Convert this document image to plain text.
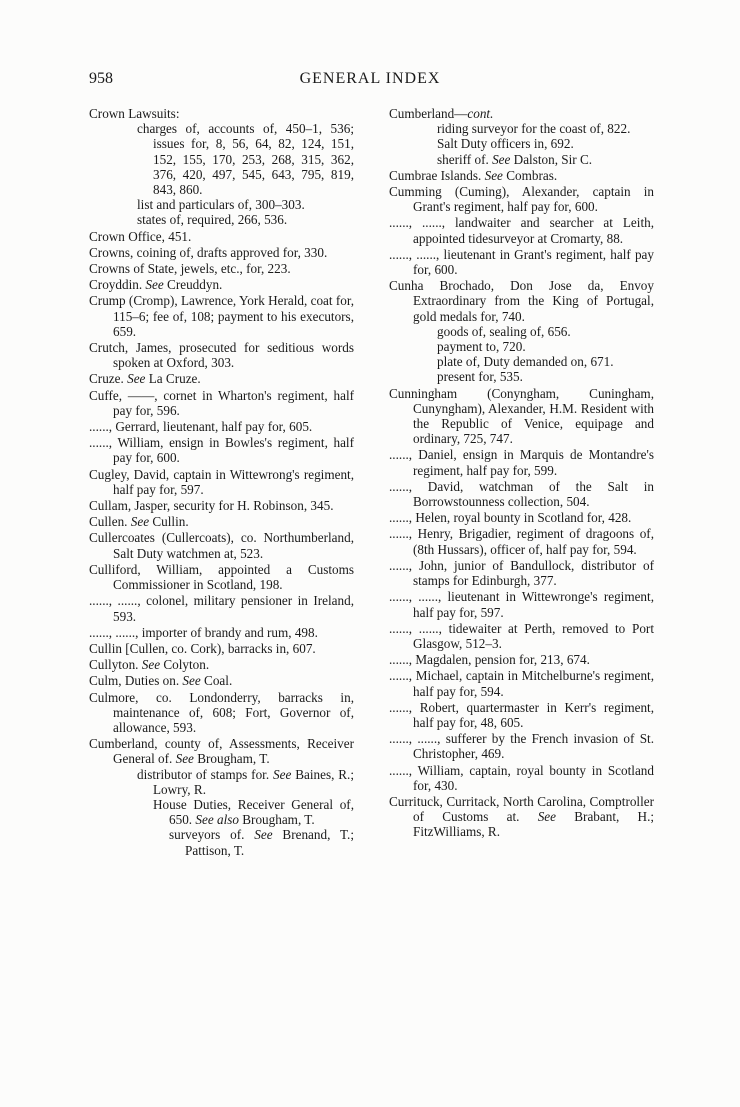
958	GENERAL INDEX

Crown Lawsuits:

charges of, accounts of, 450–1, 536; issues for, 8, 56, 64, 82, 124, 151, 152, 155, 170, 253, 268, 315, 362, 376, 420, 497, 545, 643, 795, 819, 843, 860.

list and particulars of, 300–303.

states of, required, 266, 536.

Crown Office, 451.

Crowns, coining of, drafts approved for, 330.

Crowns of State, jewels, etc., for, 223.

Croyddin. See Creuddyn.

Crump (Cromp), Lawrence, York Herald, coat for, 115–6; fee of, 108; payment to his executors, 659.

Crutch, James, prosecuted for seditious words spoken at Oxford, 303.

Cruze. See La Cruze.

Cuffe, ——, cornet in Wharton's regiment, half pay for, 596.

......, Gerrard, lieutenant, half pay for, 605.

......, William, ensign in Bowles's regiment, half pay for, 600.

Cugley, David, captain in Wittewrong's regiment, half pay for, 597.

Cullam, Jasper, security for H. Robinson, 345.

Cullen. See Cullin.

Cullercoates (Cullercoats), co. Northumberland, Salt Duty watchmen at, 523.

Culliford, William, appointed a Customs Commissioner in Scotland, 198.

......, ......, colonel, military pensioner in Ireland, 593.

......, ......, importer of brandy and rum, 498.

Cullin [Cullen, co. Cork), barracks in, 607.

Cullyton. See Colyton.

Culm, Duties on. See Coal.

Culmore, co. Londonderry, barracks in, maintenance of, 608; Fort, Governor of, allowance, 593.

Cumberland, county of, Assessments, Receiver General of. See Brougham, T.

distributor of stamps for. See Baines, R.; Lowry, R.

House Duties, Receiver General of, 650. See also Brougham, T.

surveyors of. See Brenand, T.; Pattison, T.

Cumberland—cont.

riding surveyor for the coast of, 822.

Salt Duty officers in, 692.

sheriff of. See Dalston, Sir C.

Cumbrae Islands. See Combras.

Cumming (Cuming), Alexander, captain in Grant's regiment, half pay for, 600.

......, ......, landwaiter and searcher at Leith, appointed tidesurveyor at Cromarty, 88.

......, ......, lieutenant in Grant's regiment, half pay for, 600.

Cunha Brochado, Don Jose da, Envoy Extraordinary from the King of Portugal, gold medals for, 740.

goods of, sealing of, 656.

payment to, 720.

plate of, Duty demanded on, 671.

present for, 535.

Cunningham (Conyngham, Cuningham, Cunyngham), Alexander, H.M. Resident with the Republic of Venice, equipage and ordinary, 725, 747.

......, Daniel, ensign in Marquis de Montandre's regiment, half pay for, 599.

......, David, watchman of the Salt in Borrowstounness collection, 504.

......, Helen, royal bounty in Scotland for, 428.

......, Henry, Brigadier, regiment of dragoons of, (8th Hussars), officer of, half pay for, 594.

......, John, junior of Bandullock, distributor of stamps for Edinburgh, 377.

......, ......, lieutenant in Wittewronge's regiment, half pay for, 597.

......, ......, tidewaiter at Perth, removed to Port Glasgow, 512–3.

......, Magdalen, pension for, 213, 674.

......, Michael, captain in Mitchelburne's regiment, half pay for, 594.

......, Robert, quartermaster in Kerr's regiment, half pay for, 48, 605.

......, ......, sufferer by the French invasion of St. Christopher, 469.

......, William, captain, royal bounty in Scotland for, 430.

Currituck, Curritack, North Carolina, Comptroller of Customs at. See Brabant, H.; FitzWilliams, R.
